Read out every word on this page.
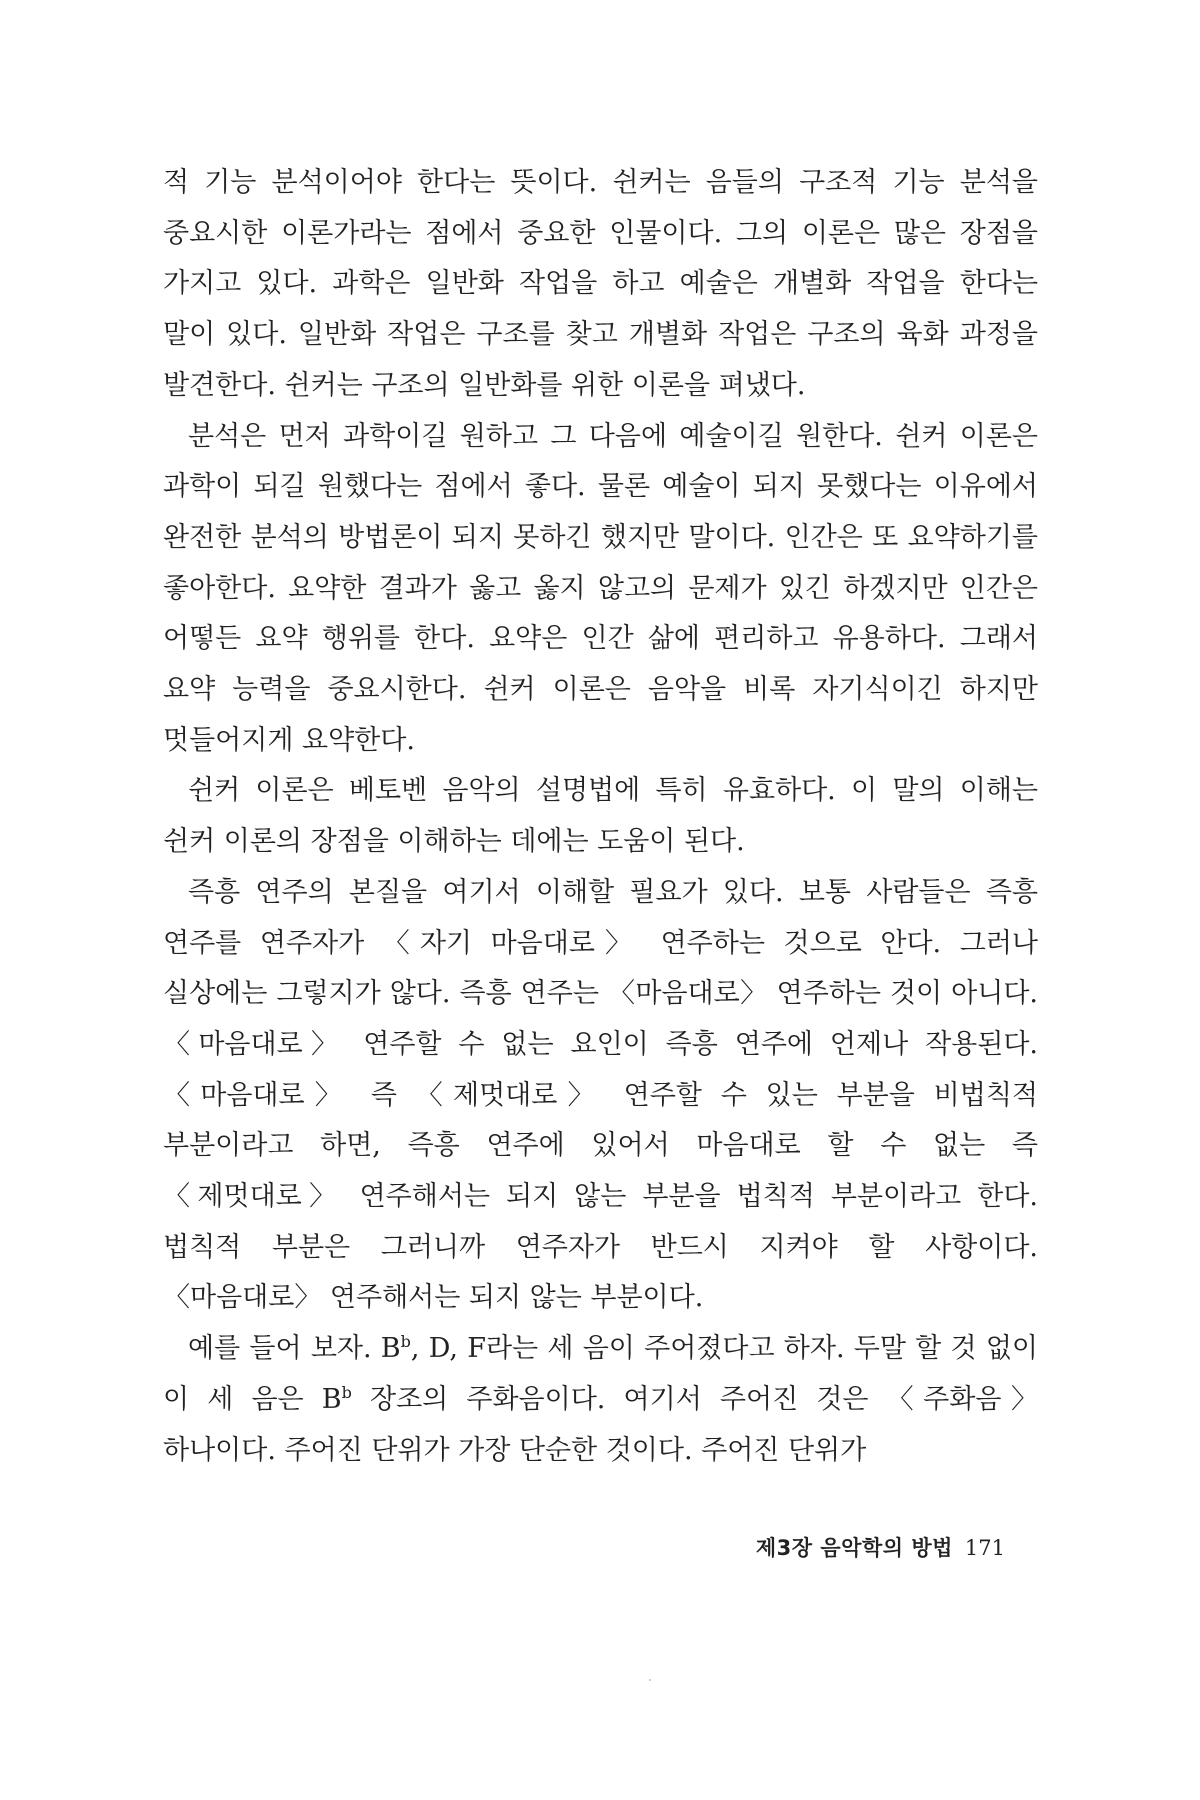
적 기능 분석이어야 한다는 뜻이다. 쉰커는 음들의 구조적 기능 분석을 중요시한 이론가라는 점에서 중요한 인물이다. 그의 이론은 많은 장점을 가지고 있다. 과학은 일반화 작업을 하고 예술은 개별화 작업을 한다는 말이 있다. 일반화 작업은 구조를 찾고 개별화 작업은 구조의 육화 과정을 발견한다. 쉰커는 구조의 일반화를 위한 이론을 펴냈다.

분석은 먼저 과학이길 원하고 그 다음에 예술이길 원한다. 쉰커 이론은 과학이 되길 원했다는 점에서 좋다. 물론 예술이 되지 못했다는 이유에서 완전한 분석의 방법론이 되지 못하긴 했지만 말이다. 인간은 또 요약하기를 좋아한다. 요약한 결과가 옳고 옳지 않고의 문제가 있긴 하겠지만 인간은 어떻든 요약 행위를 한다. 요약은 인간 삶에 편리하고 유용하다. 그래서 요약 능력을 중요시한다. 쉰커 이론은 음악을 비록 자기식이긴 하지만 멋들어지게 요약한다.

쉰커 이론은 베토벤 음악의 설명법에 특히 유효하다. 이 말의 이해는 쉰커 이론의 장점을 이해하는 데에는 도움이 된다.

즉흥 연주의 본질을 여기서 이해할 필요가 있다. 보통 사람들은 즉흥 연주를 연주자가 〈자기 마음대로〉 연주하는 것으로 안다. 그러나 실상에는 그렇지가 않다. 즉흥 연주는 〈마음대로〉 연주하는 것이 아니다. 〈마음대로〉 연주할 수 없는 요인이 즉흥 연주에 언제나 작용된다. 〈마음대로〉 즉 〈제멋대로〉 연주할 수 있는 부분을 비법칙적 부분이라고 하면, 즉흥 연주에 있어서 마음대로 할 수 없는 즉 〈제멋대로〉 연주해서는 되지 않는 부분을 법칙적 부분이라고 한다. 법칙적 부분은 그러니까 연주자가 반드시 지켜야 할 사항이다. 〈마음대로〉 연주해서는 되지 않는 부분이다.

예를 들어 보자. $B^b$, D, F라는 세 음이 주어졌다고 하자. 두말 할 것 없이 이 세 음은 $B^b$ 장조의 주화음이다. 여기서 주어진 것은 〈주화음〉 하나이다. 주어진 단위가 가장 단순한 것이다. 주어진 단위가

제3장 음악학의 방법 171
